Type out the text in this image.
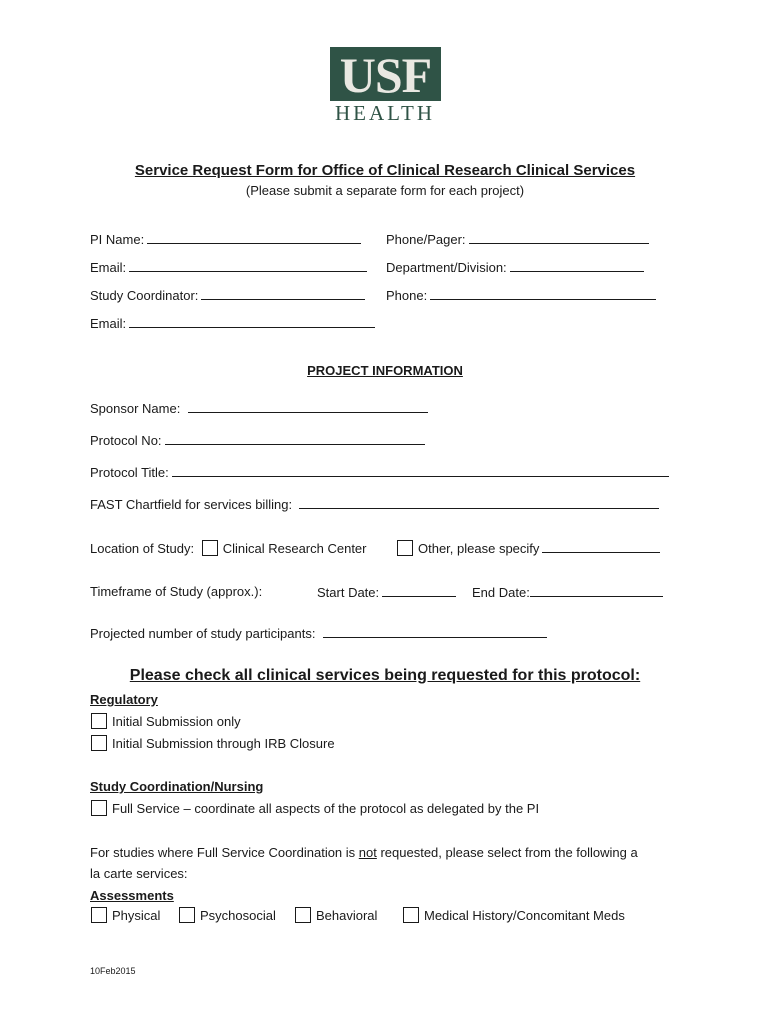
USF
HEALTH
Service Request Form for Office of Clinical Research Clinical Services
(Please submit a separate form for each project)
PI Name:	Phone/Pager:
Email:	Department/Division:
Study Coordinator:	Phone:
Email:
PROJECT INFORMATION
Sponsor Name:
Protocol No:
Protocol Title:
FAST Chartfield for services billing:
Location of Study: Clinical Research Center	Other, please specify
Timeframe of Study (approx.):	Start Date:	End Date:
Projected number of study participants:
Please check all clinical services being requested for this protocol:
Regulatory
Initial Submission only
Initial Submission through IRB Closure
Study Coordination/Nursing
Full Service – coordinate all aspects of the protocol as delegated by the PI
For studies where Full Service Coordination is not requested, please select from the following a
la carte services:
Assessments
Physical	Psychosocial	Behavioral	Medical History/Concomitant Meds
10Feb2015
